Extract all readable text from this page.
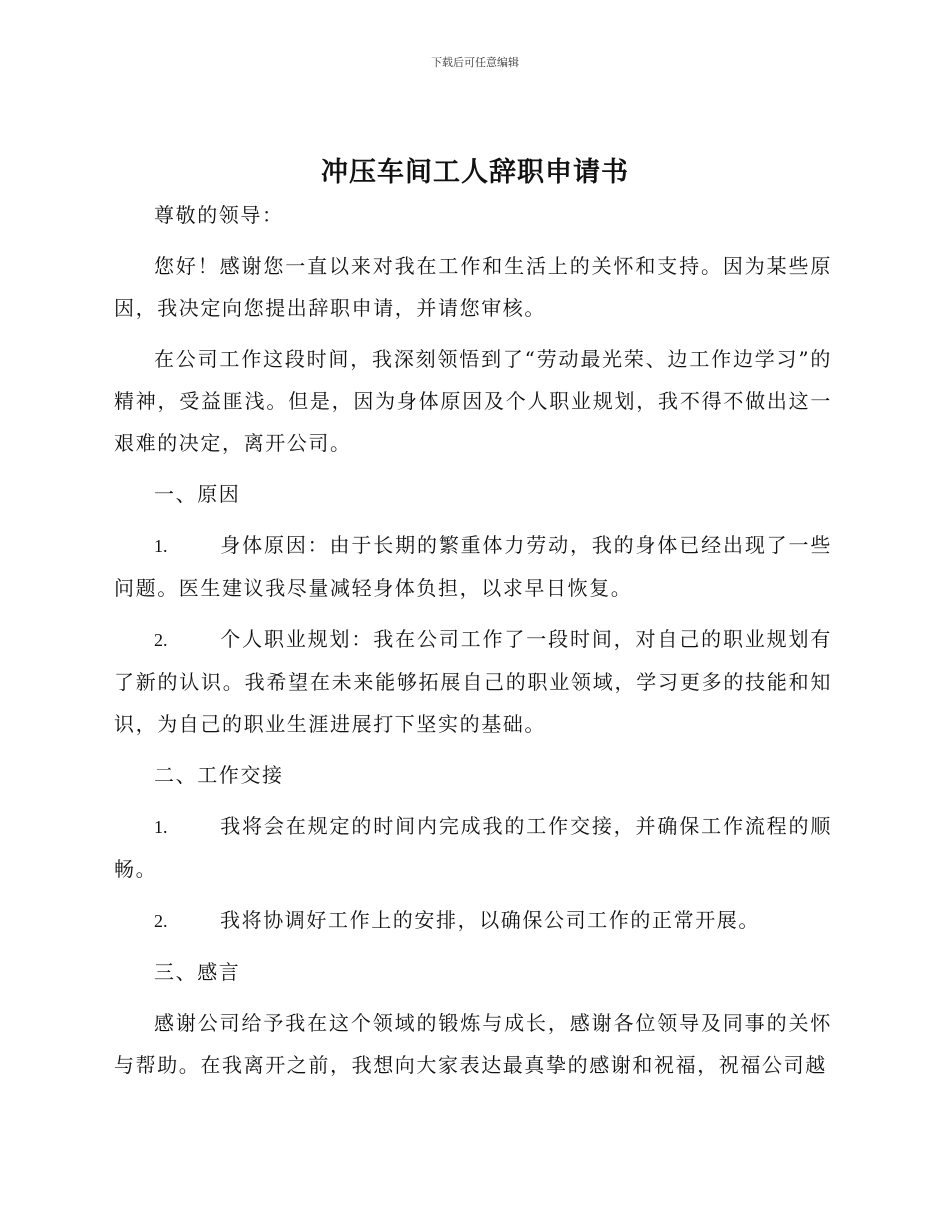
下载后可任意编辑
冲压车间工人辞职申请书

尊敬的领导：

您好！感谢您一直以来对我在工作和生活上的关怀和支持。因为某些原因，我决定向您提出辞职申请，并请您审核。

在公司工作这段时间，我深刻领悟到了“劳动最光荣、边工作边学习”的精神，受益匪浅。但是，因为身体原因及个人职业规划，我不得不做出这一艰难的决定，离开公司。

一、原因

1.	身体原因：由于长期的繁重体力劳动，我的身体已经出现了一些问题。医生建议我尽量减轻身体负担，以求早日恢复。

2.	个人职业规划：我在公司工作了一段时间，对自己的职业规划有了新的认识。我希望在未来能够拓展自己的职业领域，学习更多的技能和知识，为自己的职业生涯进展打下坚实的基础。

二、工作交接

1.	我将会在规定的时间内完成我的工作交接，并确保工作流程的顺畅。

2.	我将协调好工作上的安排，以确保公司工作的正常开展。

三、感言

感谢公司给予我在这个领域的锻炼与成长，感谢各位领导及同事的关怀与帮助。在我离开之前，我想向大家表达最真挚的感谢和祝福，祝福公司越
